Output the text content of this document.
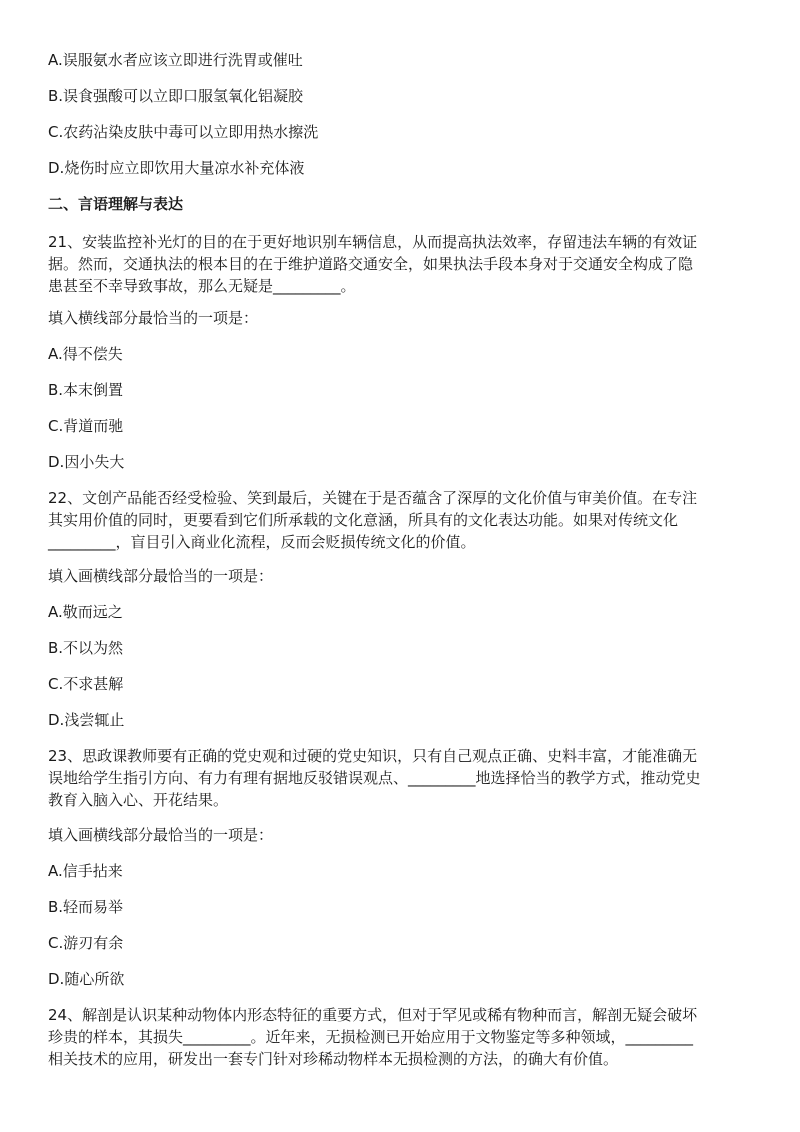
A.误服氨水者应该立即进行洗胃或催吐

B.误食强酸可以立即口服氢氧化铝凝胶

C.农药沾染皮肤中毒可以立即用热水擦洗

D.烧伤时应立即饮用大量凉水补充体液

二、言语理解与表达

21、安装监控补光灯的目的在于更好地识别车辆信息，从而提高执法效率，存留违法车辆的有效证
据。然而，交通执法的根本目的在于维护道路交通安全，如果执法手段本身对于交通安全构成了隐
患甚至不幸导致事故，那么无疑是_________。

填入横线部分最恰当的一项是：

A.得不偿失

B.本末倒置

C.背道而驰

D.因小失大

22、文创产品能否经受检验、笑到最后，关键在于是否蕴含了深厚的文化价值与审美价值。在专注
其实用价值的同时，更要看到它们所承载的文化意涵，所具有的文化表达功能。如果对传统文化
_________，盲目引入商业化流程，反而会贬损传统文化的价值。

填入画横线部分最恰当的一项是：

A.敬而远之

B.不以为然

C.不求甚解

D.浅尝辄止

23、思政课教师要有正确的党史观和过硬的党史知识，只有自己观点正确、史料丰富，才能准确无
误地给学生指引方向、有力有理有据地反驳错误观点、_________地选择恰当的教学方式，推动党史
教育入脑入心、开花结果。

填入画横线部分最恰当的一项是：

A.信手拈来

B.轻而易举

C.游刃有余

D.随心所欲

24、解剖是认识某种动物体内形态特征的重要方式，但对于罕见或稀有物种而言，解剖无疑会破坏
珍贵的样本，其损失_________。近年来，无损检测已开始应用于文物鉴定等多种领域，_________
相关技术的应用，研发出一套专门针对珍稀动物样本无损检测的方法，的确大有价值。
